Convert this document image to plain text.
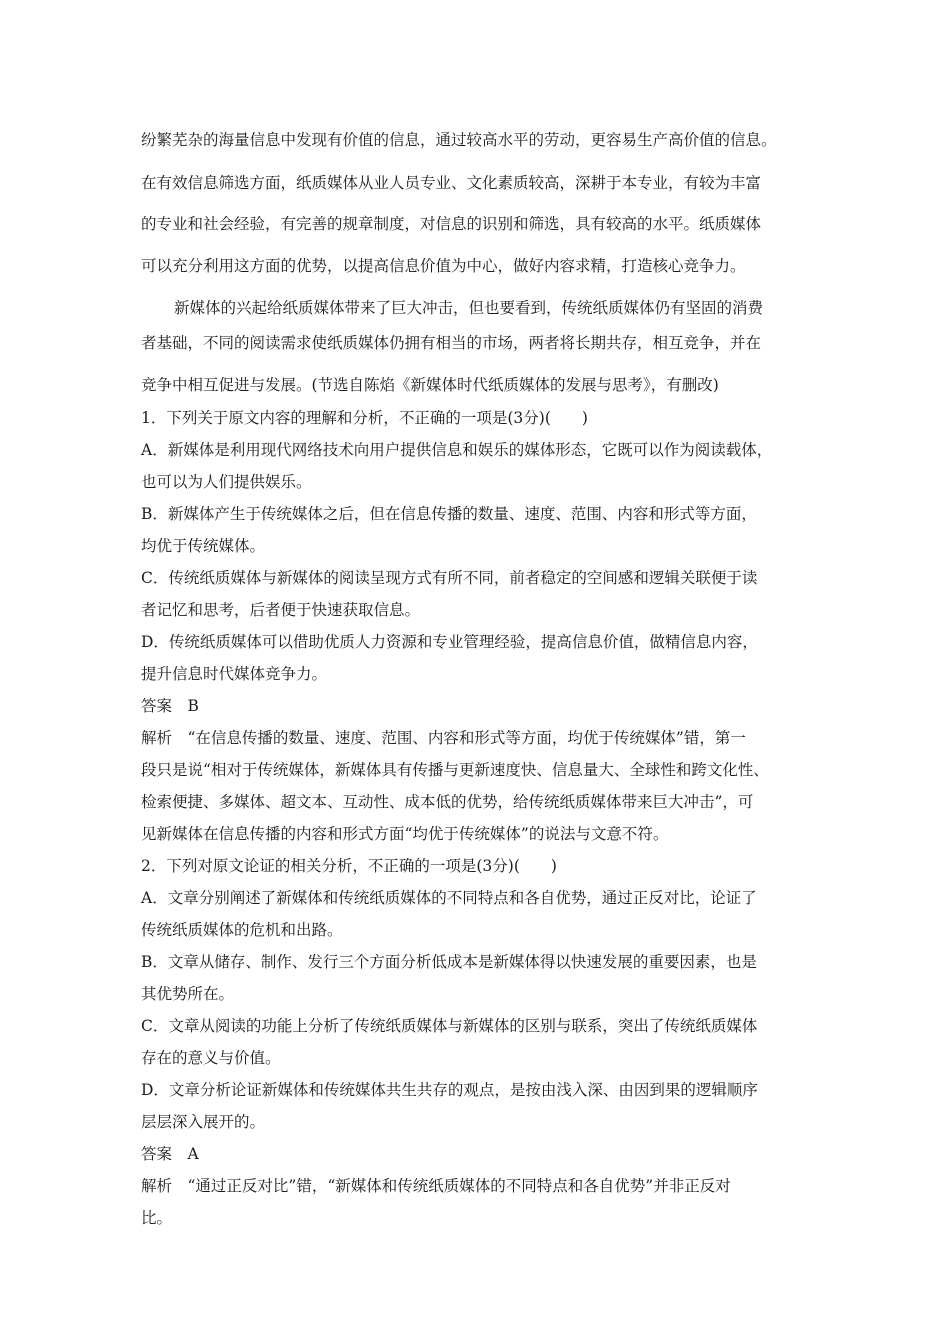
纷繁芜杂的海量信息中发现有价值的信息，通过较高水平的劳动，更容易生产高价值的信息。
在有效信息筛选方面，纸质媒体从业人员专业、文化素质较高，深耕于本专业，有较为丰富
的专业和社会经验，有完善的规章制度，对信息的识别和筛选，具有较高的水平。纸质媒体
可以充分利用这方面的优势，以提高信息价值为中心，做好内容求精，打造核心竞争力。
新媒体的兴起给纸质媒体带来了巨大冲击，但也要看到，传统纸质媒体仍有坚固的消费
者基础，不同的阅读需求使纸质媒体仍拥有相当的市场，两者将长期共存，相互竞争，并在
竞争中相互促进与发展。(节选自陈焰《新媒体时代纸质媒体的发展与思考》，有删改)
1．下列关于原文内容的理解和分析，不正确的一项是(3分)(　　)
A．新媒体是利用现代网络技术向用户提供信息和娱乐的媒体形态，它既可以作为阅读载体，
也可以为人们提供娱乐。
B．新媒体产生于传统媒体之后，但在信息传播的数量、速度、范围、内容和形式等方面，
均优于传统媒体。
C．传统纸质媒体与新媒体的阅读呈现方式有所不同，前者稳定的空间感和逻辑关联便于读
者记忆和思考，后者便于快速获取信息。
D．传统纸质媒体可以借助优质人力资源和专业管理经验，提高信息价值，做精信息内容，
提升信息时代媒体竞争力。
答案　B
解析　“在信息传播的数量、速度、范围、内容和形式等方面，均优于传统媒体”错，第一
段只是说“相对于传统媒体，新媒体具有传播与更新速度快、信息量大、全球性和跨文化性、
检索便捷、多媒体、超文本、互动性、成本低的优势，给传统纸质媒体带来巨大冲击”，可
见新媒体在信息传播的内容和形式方面“均优于传统媒体”的说法与文意不符。
2．下列对原文论证的相关分析，不正确的一项是(3分)(　　)
A．文章分别阐述了新媒体和传统纸质媒体的不同特点和各自优势，通过正反对比，论证了
传统纸质媒体的危机和出路。
B．文章从储存、制作、发行三个方面分析低成本是新媒体得以快速发展的重要因素，也是
其优势所在。
C．文章从阅读的功能上分析了传统纸质媒体与新媒体的区别与联系，突出了传统纸质媒体
存在的意义与价值。
D．文章分析论证新媒体和传统媒体共生共存的观点，是按由浅入深、由因到果的逻辑顺序
层层深入展开的。
答案　A
解析　“通过正反对比”错，“新媒体和传统纸质媒体的不同特点和各自优势”并非正反对
比。
